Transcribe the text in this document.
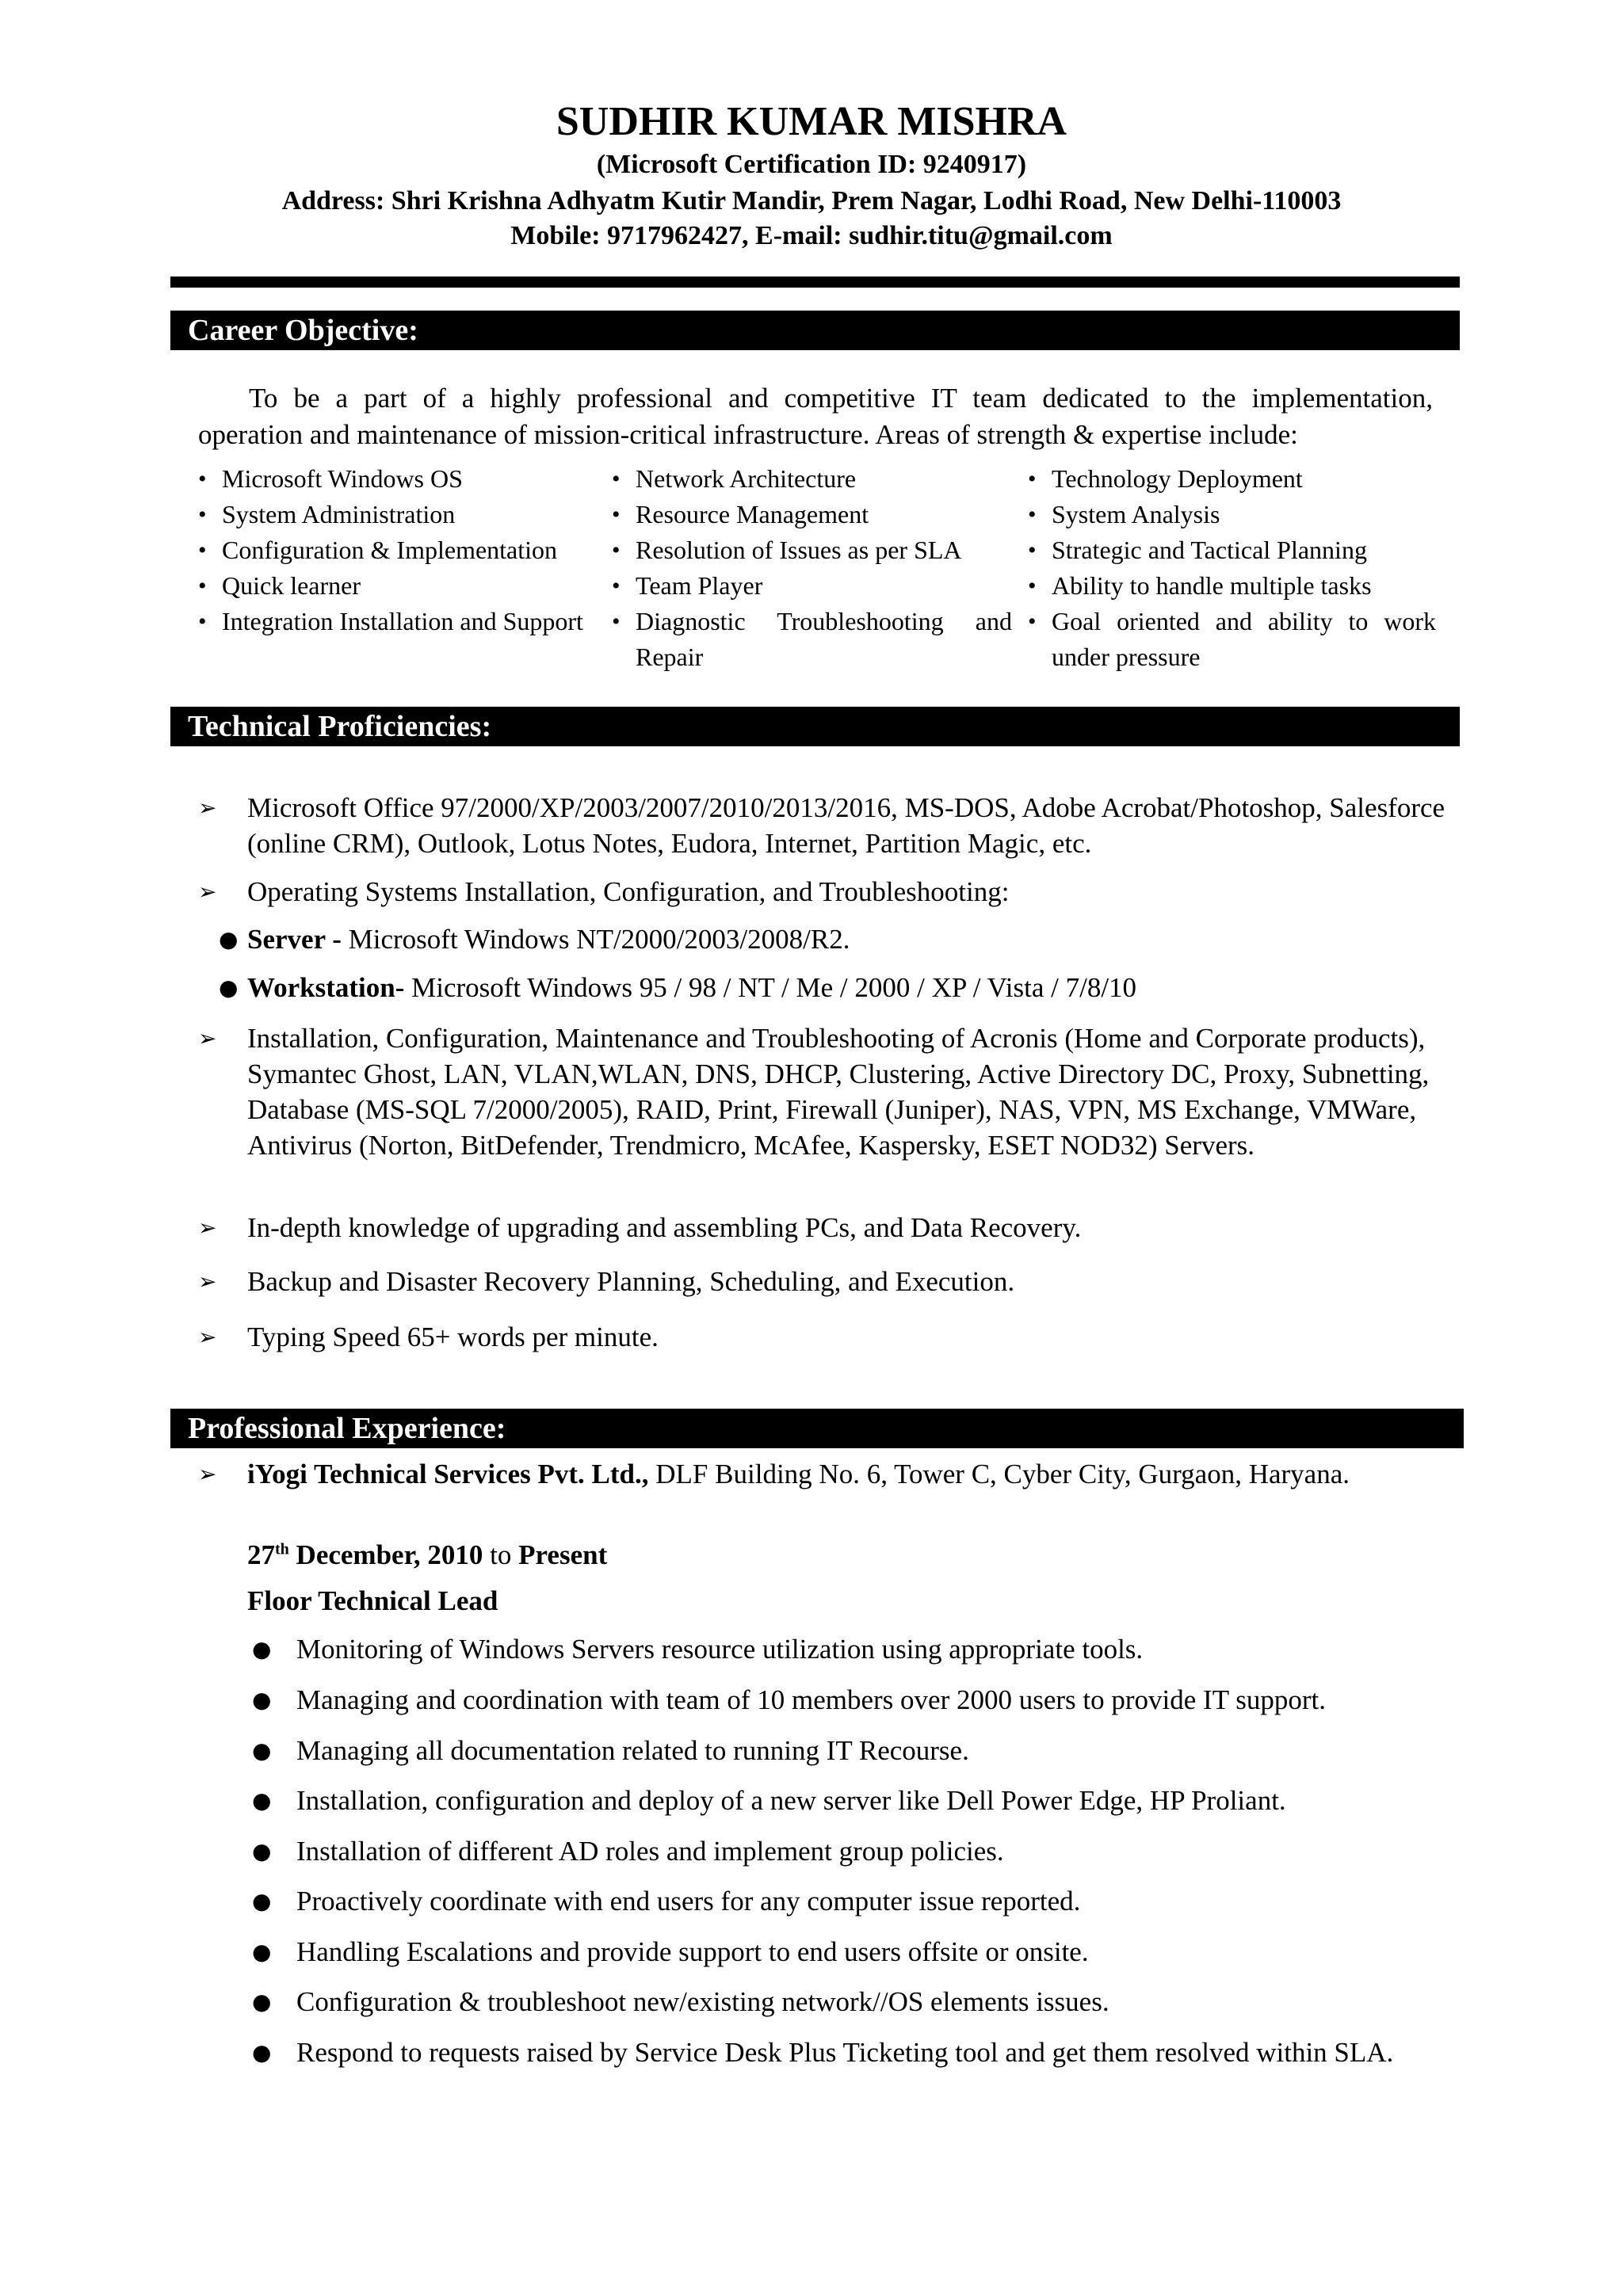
SUDHIR KUMAR MISHRA
(Microsoft Certification ID: 9240917)
Address: Shri Krishna Adhyatm Kutir Mandir, Prem Nagar, Lodhi Road, New Delhi-110003
Mobile: 9717962427, E-mail: sudhir.titu@gmail.com
Career Objective:
To be a part of a highly professional and competitive IT team dedicated to the implementation,
operation and maintenance of mission-critical infrastructure. Areas of strength & expertise include:
• Microsoft Windows OS
• System Administration
• Configuration & Implementation
• Quick learner
• Integration Installation and Support
• Network Architecture
• Resource Management
• Resolution of Issues as per SLA
• Team Player
• Diagnostic Troubleshooting and Repair
• Technology Deployment
• System Analysis
• Strategic and Tactical Planning
• Ability to handle multiple tasks
• Goal oriented and ability to work under pressure
Technical Proficiencies:
➢ Microsoft Office 97/2000/XP/2003/2007/2010/2013/2016, MS-DOS, Adobe Acrobat/Photoshop, Salesforce (online CRM), Outlook, Lotus Notes, Eudora, Internet, Partition Magic, etc.
➢ Operating Systems Installation, Configuration, and Troubleshooting:
● Server - Microsoft Windows NT/2000/2003/2008/R2.
● Workstation- Microsoft Windows 95 / 98 / NT / Me / 2000 / XP / Vista / 7/8/10
➢ Installation, Configuration, Maintenance and Troubleshooting of Acronis (Home and Corporate products), Symantec Ghost, LAN, VLAN,WLAN, DNS, DHCP, Clustering, Active Directory DC, Proxy, Subnetting, Database (MS-SQL 7/2000/2005), RAID, Print, Firewall (Juniper), NAS, VPN, MS Exchange, VMWare, Antivirus (Norton, BitDefender, Trendmicro, McAfee, Kaspersky, ESET NOD32) Servers.
➢ In-depth knowledge of upgrading and assembling PCs, and Data Recovery.
➢ Backup and Disaster Recovery Planning, Scheduling, and Execution.
➢ Typing Speed 65+ words per minute.
Professional Experience:
➢ iYogi Technical Services Pvt. Ltd., DLF Building No. 6, Tower C, Cyber City, Gurgaon, Haryana.
27th December, 2010 to Present
Floor Technical Lead
● Monitoring of Windows Servers resource utilization using appropriate tools.
● Managing and coordination with team of 10 members over 2000 users to provide IT support.
● Managing all documentation related to running IT Recourse.
● Installation, configuration and deploy of a new server like Dell Power Edge, HP Proliant.
● Installation of different AD roles and implement group policies.
● Proactively coordinate with end users for any computer issue reported.
● Handling Escalations and provide support to end users offsite or onsite.
● Configuration & troubleshoot new/existing network//OS elements issues.
● Respond to requests raised by Service Desk Plus Ticketing tool and get them resolved within SLA.
